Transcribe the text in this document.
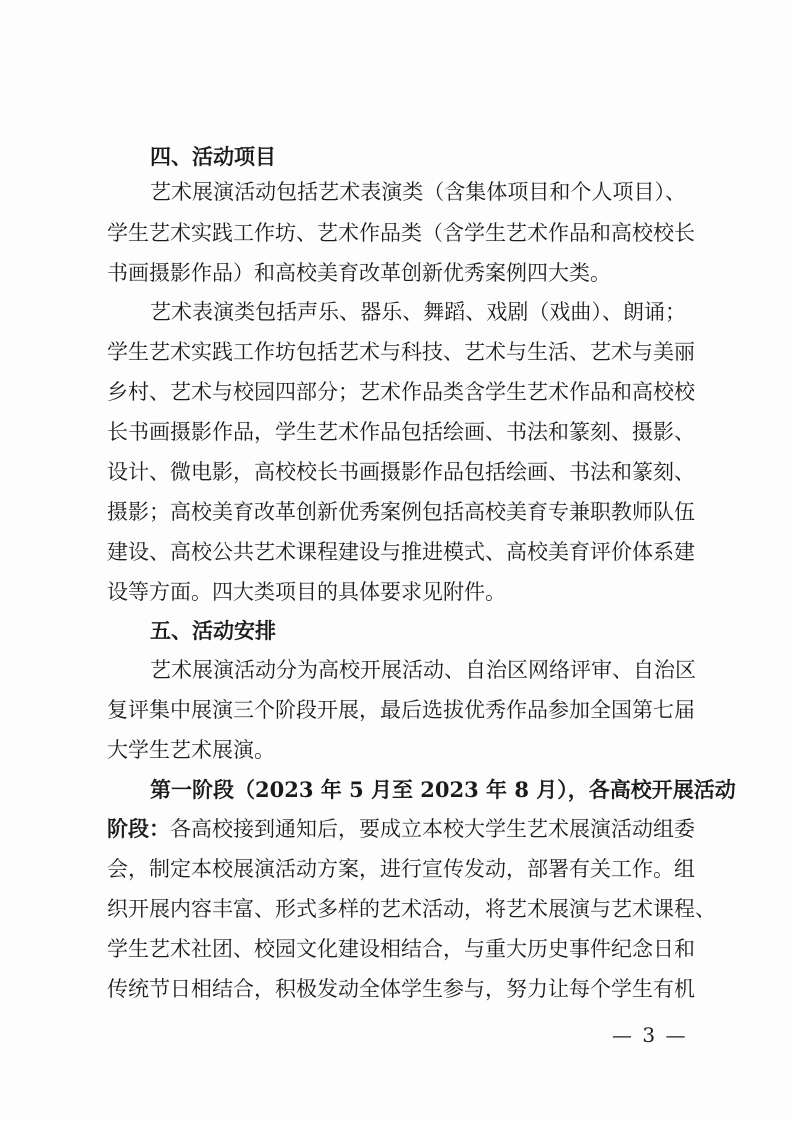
四、活动项目
艺术展演活动包括艺术表演类（含集体项目和个人项目）、
学生艺术实践工作坊、艺术作品类（含学生艺术作品和高校校长
书画摄影作品）和高校美育改革创新优秀案例四大类。
艺术表演类包括声乐、器乐、舞蹈、戏剧（戏曲）、朗诵；
学生艺术实践工作坊包括艺术与科技、艺术与生活、艺术与美丽
乡村、艺术与校园四部分；艺术作品类含学生艺术作品和高校校
长书画摄影作品，学生艺术作品包括绘画、书法和篆刻、摄影、
设计、微电影，高校校长书画摄影作品包括绘画、书法和篆刻、
摄影；高校美育改革创新优秀案例包括高校美育专兼职教师队伍
建设、高校公共艺术课程建设与推进模式、高校美育评价体系建
设等方面。四大类项目的具体要求见附件。
五、活动安排
艺术展演活动分为高校开展活动、自治区网络评审、自治区
复评集中展演三个阶段开展，最后选拔优秀作品参加全国第七届
大学生艺术展演。
第一阶段（2023 年 5 月至 2023 年 8 月），各高校开展活动
阶段：各高校接到通知后，要成立本校大学生艺术展演活动组委
会，制定本校展演活动方案，进行宣传发动，部署有关工作。组
织开展内容丰富、形式多样的艺术活动，将艺术展演与艺术课程、
学生艺术社团、校园文化建设相结合，与重大历史事件纪念日和
传统节日相结合，积极发动全体学生参与，努力让每个学生有机
— 3 —
